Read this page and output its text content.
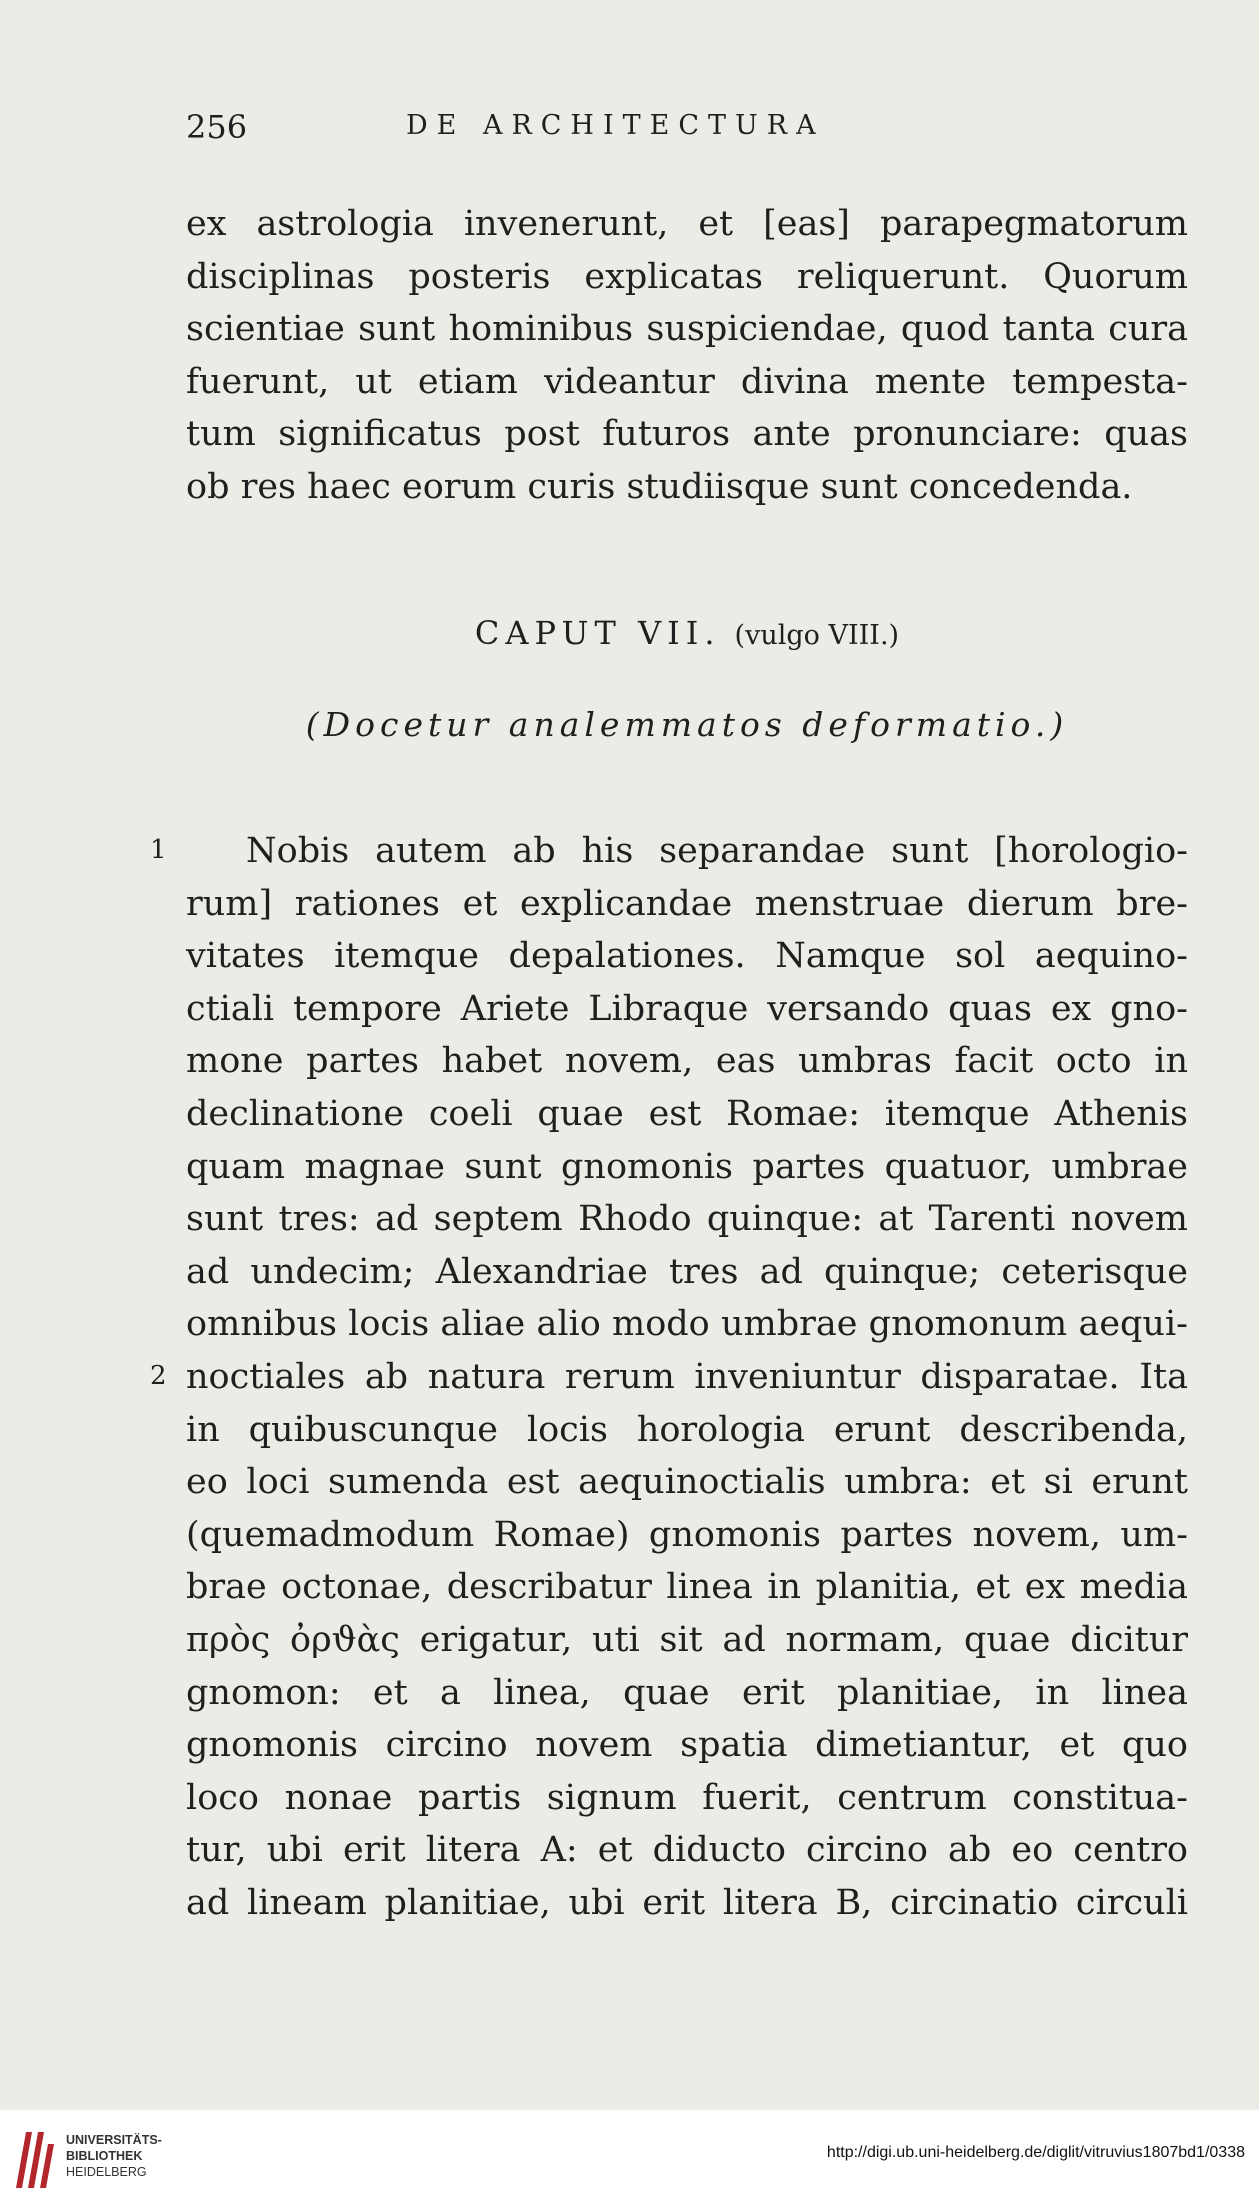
256	DE ARCHITECTURA
ex astrologia invenerunt, et [eas] parapegmatorum
disciplinas posteris explicatas reliquerunt. Quorum
scientiae sunt hominibus suspiciendae, quod tanta cura
fuerunt, ut etiam videantur divina mente tempesta-
tum significatus post futuros ante pronunciare: quas
ob res haec eorum curis studiisque sunt concedenda.
CAPUT VII. (vulgo VIII.)
(Docetur analemmatos deformatio.)
1
2
Nobis autem ab his separandae sunt [horologio-
rum] rationes et explicandae menstruae dierum bre-
vitates itemque depalationes. Namque sol aequino-
ctiali tempore Ariete Libraque versando quas ex gno-
mone partes habet novem, eas umbras facit octo in
declinatione coeli quae est Romae: itemque Athenis
quam magnae sunt gnomonis partes quatuor, umbrae
sunt tres: ad septem Rhodo quinque: at Tarenti novem
ad undecim; Alexandriae tres ad quinque; ceterisque
omnibus locis aliae alio modo umbrae gnomonum aequi-
noctiales ab natura rerum inveniuntur disparatae. Ita
in quibuscunque locis horologia erunt describenda,
eo loci sumenda est aequinoctialis umbra: et si erunt
(quemadmodum Romae) gnomonis partes novem, um-
brae octonae, describatur linea in planitia, et ex media
πρὸς ὀρϑὰς erigatur, uti sit ad normam, quae dicitur
gnomon: et a linea, quae erit planitiae, in linea
gnomonis circino novem spatia dimetiantur, et quo
loco nonae partis signum fuerit, centrum constitua-
tur, ubi erit litera A: et diducto circino ab eo centro
ad lineam planitiae, ubi erit litera B, circinatio circuli
UNIVERSITÄTS-
BIBLIOTHEK
HEIDELBERG
http://digi.ub.uni-heidelberg.de/diglit/vitruvius1807bd1/0338
